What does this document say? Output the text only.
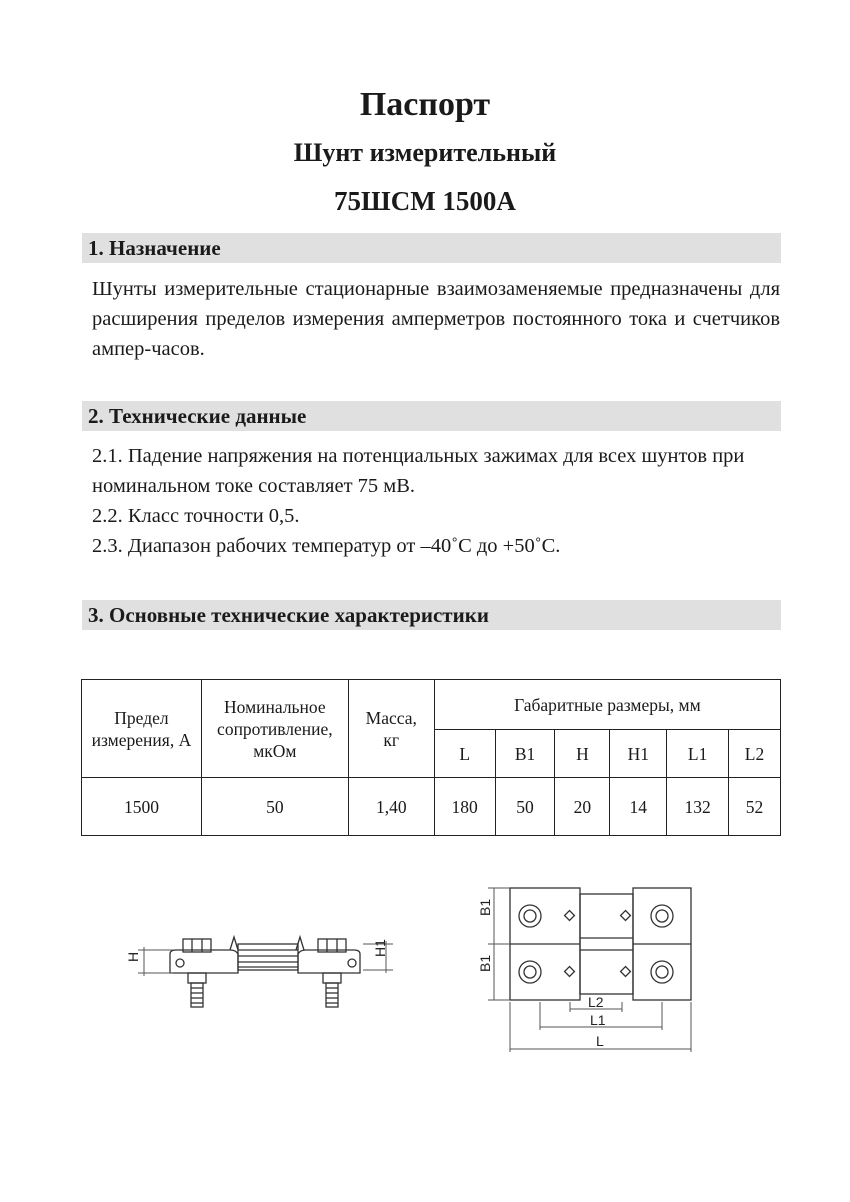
Паспорт
Шунт измерительный
75ШСМ 1500А
1. Назначение
Шунты измерительные стационарные взаимозаменяемые предназначены для расширения пределов измерения амперметров постоянного тока и счетчиков ампер-часов.
2. Технические данные
2.1. Падение напряжения на потенциальных зажимах для всех шунтов при номинальном токе составляет 75 мВ.
2.2. Класс точности 0,5.
2.3. Диапазон рабочих температур от –40˚С до +50˚С.
3. Основные технические характеристики
Предел измерения, А	Номинальное сопротивление, мкОм	Масса, кг	Габаритные размеры, мм					
			L	B1	H	H1	L1	L2
1500	50	1,40	180	50	20	14	132	52
H	H1
B1
B1
L2
L1
L
